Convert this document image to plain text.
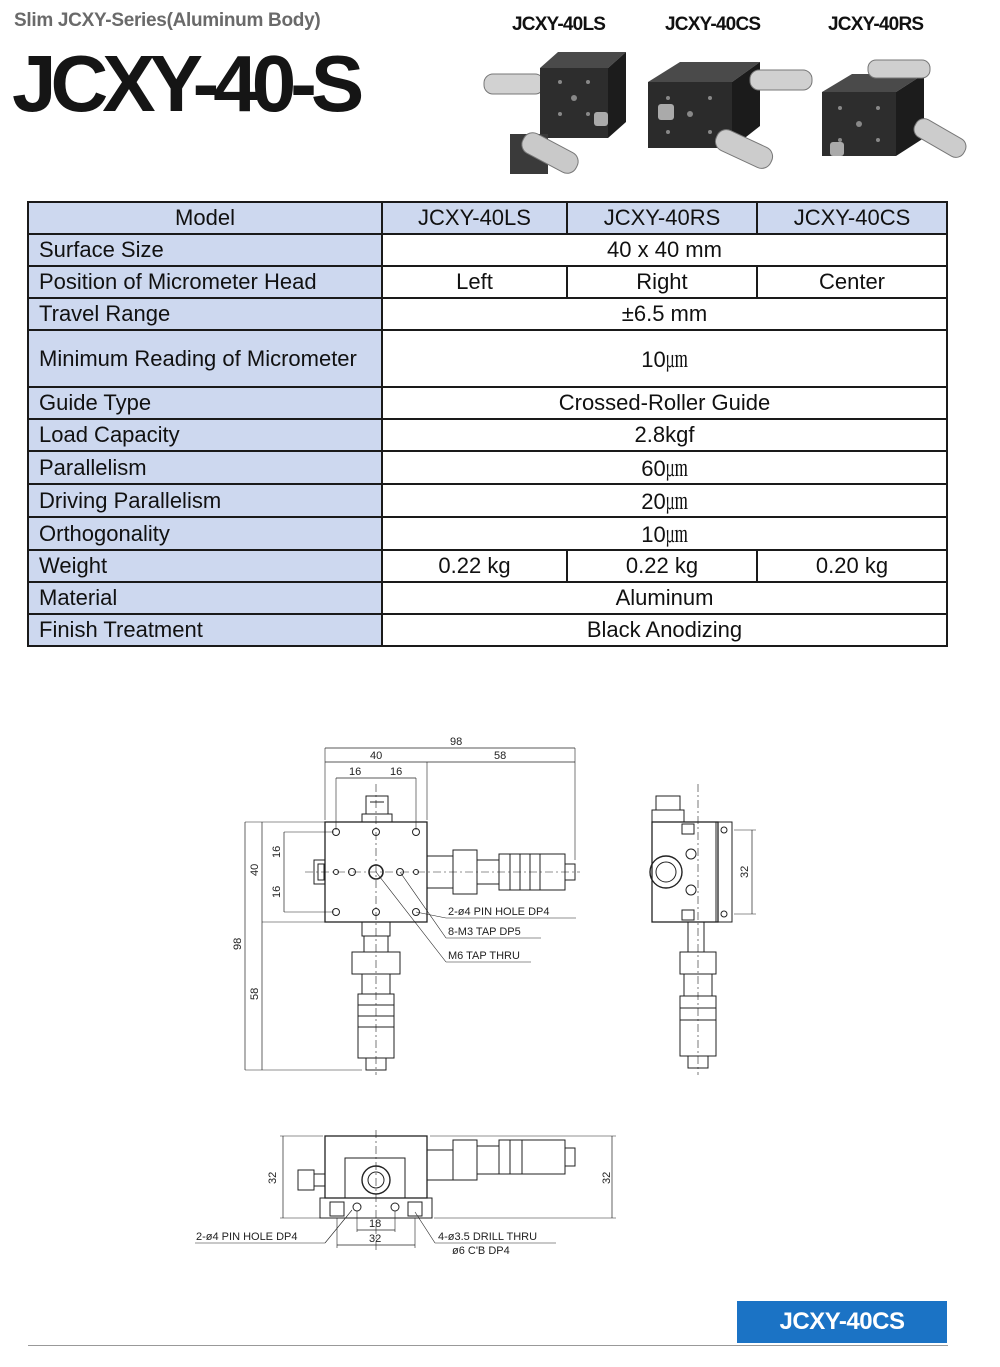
Slim JCXY-Series(Aluminum Body)
JCXY-40-S
JCXY-40LS	JCXY-40CS	JCXY-40RS
Model	JCXY-40LS	JCXY-40RS	JCXY-40CS
Surface Size	40 x 40 mm		
Position of Micrometer Head	Left	Right	Center
Travel Range	±6.5 mm		
Minimum Reading of Micrometer	10㎛		
Guide Type	Crossed-Roller Guide		
Load Capacity	2.8kgf		
Parallelism	60㎛		
Driving Parallelism	20㎛		
Orthogonality	10㎛		
Weight	0.22 kg	0.22 kg	0.20 kg
Material	Aluminum		
Finish Treatment	Black Anodizing		
98
40	58
16	16
40
16
16
98
58
2-ø4 PIN HOLE DP4
8-M3 TAP DP5
M6 TAP THRU
32
32	32
18
32
2-ø4 PIN HOLE DP4	4-ø3.5 DRILL THRU
ø6 C'B DP4
JCXY-40CS
